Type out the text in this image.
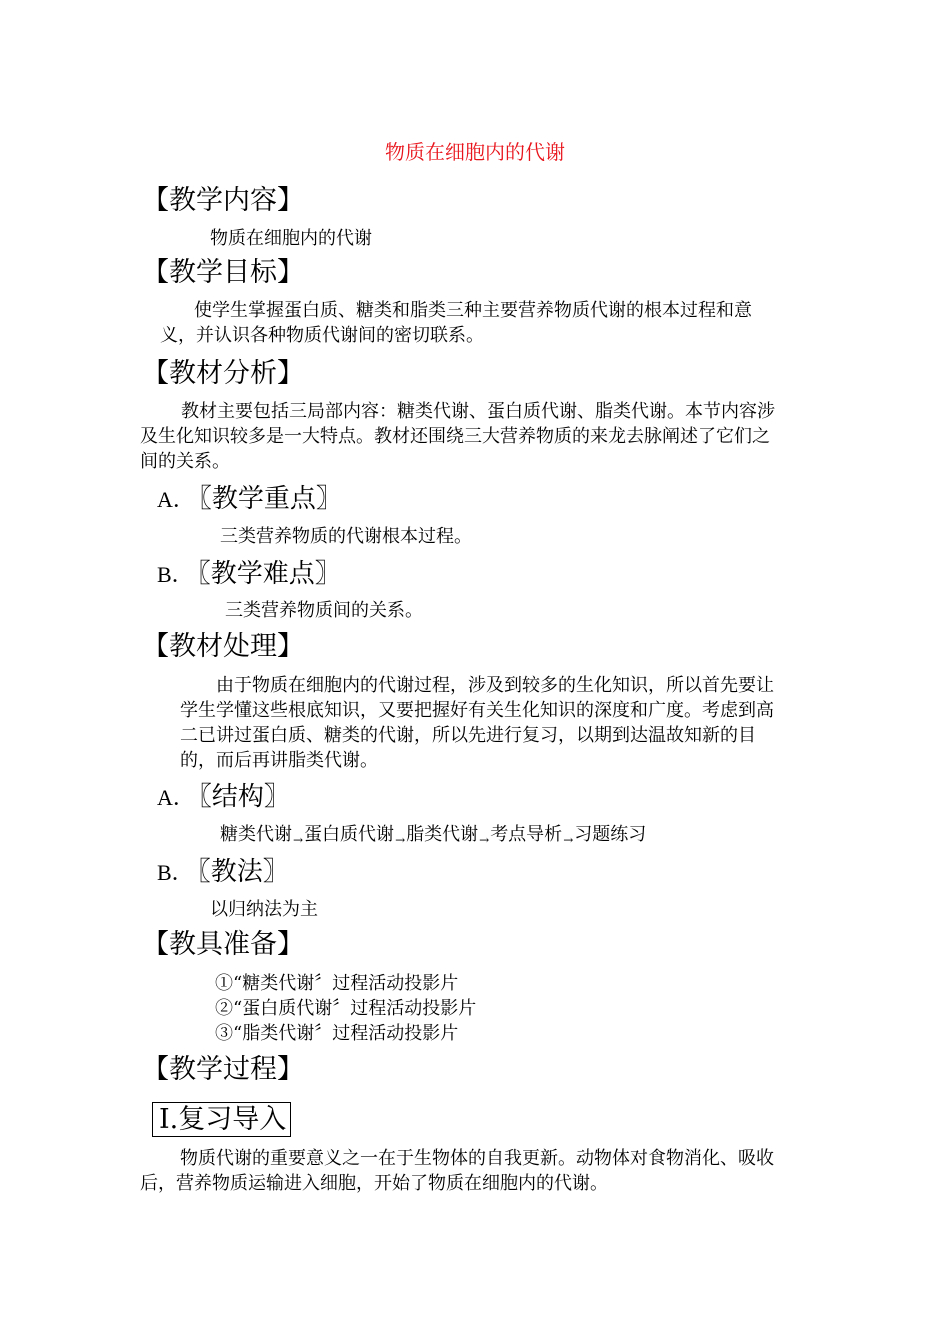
物质在细胞内的代谢
【教学内容】
物质在细胞内的代谢
【教学目标】
使学生掌握蛋白质、糖类和脂类三种主要营养物质代谢的根本过程和意
义，并认识各种物质代谢间的密切联系。
【教材分析】
教材主要包括三局部内容：糖类代谢、蛋白质代谢、脂类代谢。本节内容涉
及生化知识较多是一大特点。教材还围绕三大营养物质的来龙去脉阐述了它们之
间的关系。
A． 〖教学重点〗
三类营养物质的代谢根本过程。
B． 〖教学难点〗
三类营养物质间的关系。
【教材处理】
由于物质在细胞内的代谢过程，涉及到较多的生化知识，所以首先要让
学生学懂这些根底知识，又要把握好有关生化知识的深度和广度。考虑到高
二已讲过蛋白质、糖类的代谢，所以先进行复习，以期到达温故知新的目
的，而后再讲脂类代谢。
A． 〖结构〗
糖类代谢$_\to$蛋白质代谢$_\to$脂类代谢$_\to$考点导析$_\to$习题练习
B． 〖教法〗
以归纳法为主
【教具准备】
①“糖类代谢〞过程活动投影片
②“蛋白质代谢〞过程活动投影片
③“脂类代谢〞过程活动投影片
【教学过程】
Ⅰ.复习导入
物质代谢的重要意义之一在于生物体的自我更新。动物体对食物消化、吸收
后，营养物质运输进入细胞，开始了物质在细胞内的代谢。
